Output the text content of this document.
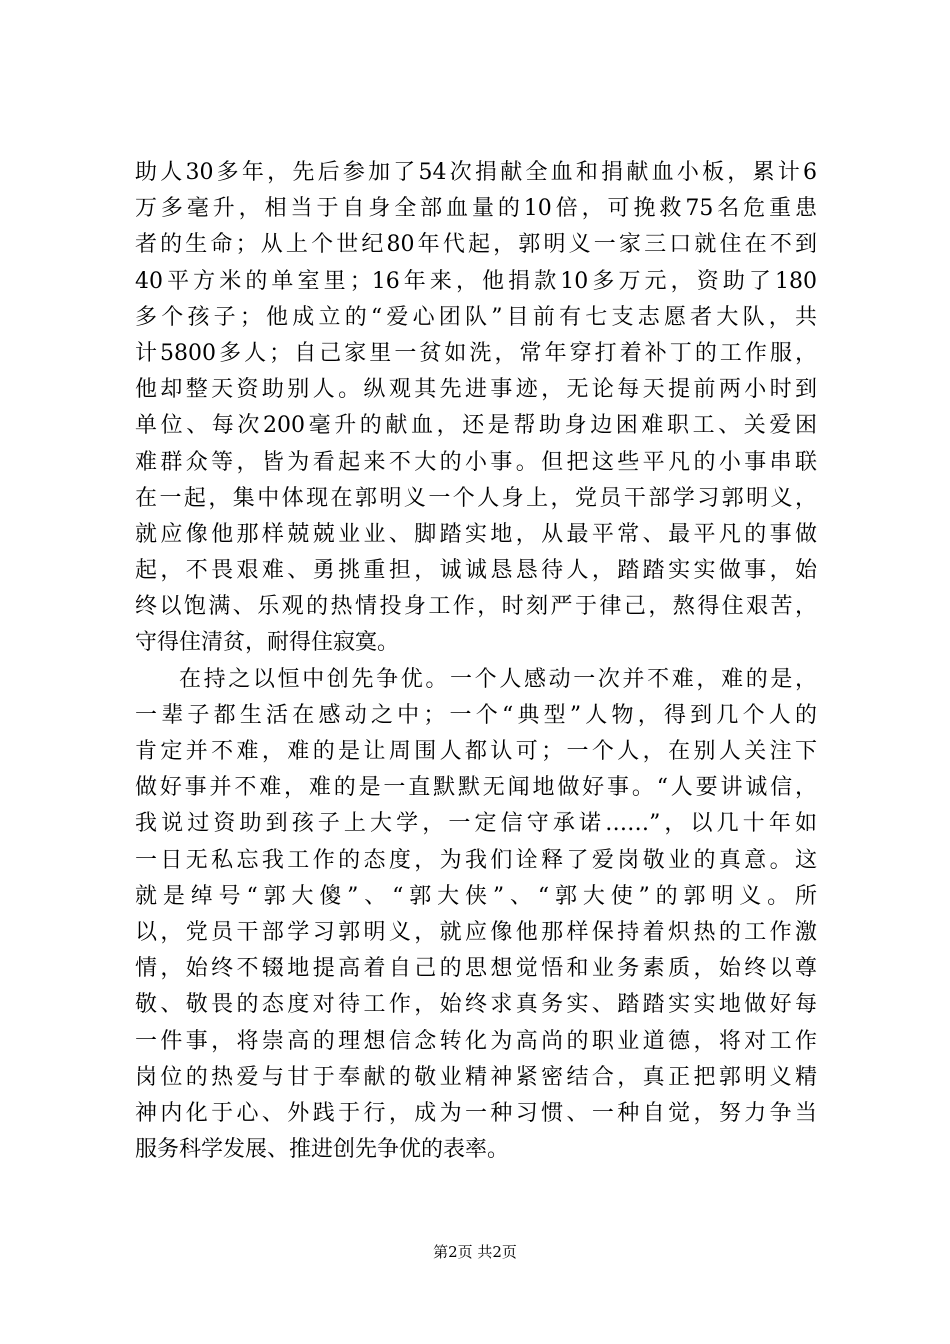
助人30多年，先后参加了54次捐献全血和捐献血小板，累计6
万多毫升，相当于自身全部血量的10倍，可挽救75名危重患
者的生命；从上个世纪80年代起，郭明义一家三口就住在不到
40平方米的单室里；16年来，他捐款10多万元，资助了180
多个孩子；他成立的“爱心团队”目前有七支志愿者大队，共
计5800多人；自己家里一贫如洗，常年穿打着补丁的工作服，
他却整天资助别人。纵观其先进事迹，无论每天提前两小时到
单位、每次200毫升的献血，还是帮助身边困难职工、关爱困
难群众等，皆为看起来不大的小事。但把这些平凡的小事串联
在一起，集中体现在郭明义一个人身上，党员干部学习郭明义，
就应像他那样兢兢业业、脚踏实地，从最平常、最平凡的事做
起，不畏艰难、勇挑重担，诚诚恳恳待人，踏踏实实做事，始
终以饱满、乐观的热情投身工作，时刻严于律己，熬得住艰苦，
守得住清贫，耐得住寂寞。
在持之以恒中创先争优。一个人感动一次并不难，难的是，
一辈子都生活在感动之中；一个“典型”人物，得到几个人的
肯定并不难，难的是让周围人都认可；一个人，在别人关注下
做好事并不难，难的是一直默默无闻地做好事。“人要讲诚信，
我说过资助到孩子上大学，一定信守承诺……”，以几十年如
一日无私忘我工作的态度，为我们诠释了爱岗敬业的真意。这
就是绰号“郭大傻”、“郭大侠”、“郭大使”的郭明义。所
以，党员干部学习郭明义，就应像他那样保持着炽热的工作激
情，始终不辍地提高着自己的思想觉悟和业务素质，始终以尊
敬、敬畏的态度对待工作，始终求真务实、踏踏实实地做好每
一件事，将崇高的理想信念转化为高尚的职业道德，将对工作
岗位的热爱与甘于奉献的敬业精神紧密结合，真正把郭明义精
神内化于心、外践于行，成为一种习惯、一种自觉，努力争当
服务科学发展、推进创先争优的表率。
第2页 共2页
